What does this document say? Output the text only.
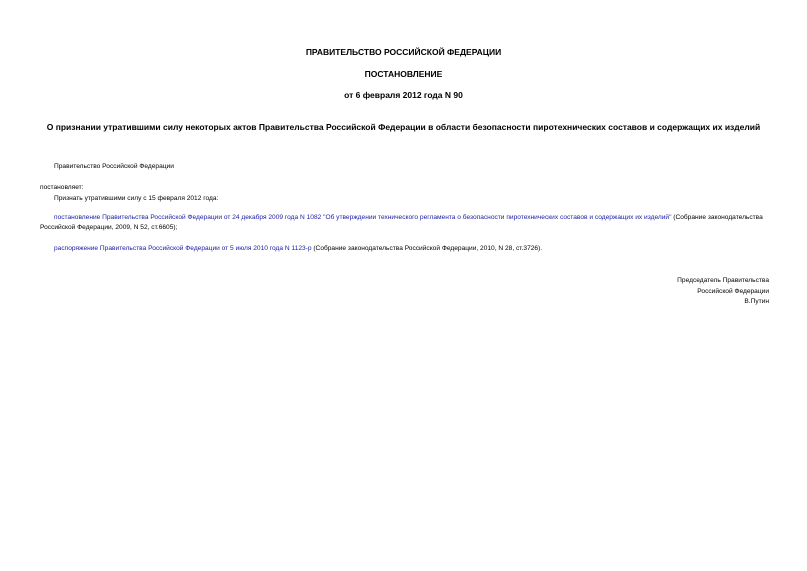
ПРАВИТЕЛЬСТВО РОССИЙСКОЙ ФЕДЕРАЦИИ
ПОСТАНОВЛЕНИЕ
от 6 февраля 2012 года N 90
О признании утратившими силу некоторых актов Правительства Российской Федерации в области безопасности пиротехнических составов и содержащих их изделий
Правительство Российской Федерации
постановляет:
Признать утратившими силу с 15 февраля 2012 года:
постановление Правительства Российской Федерации от 24 декабря 2009 года N 1082 "Об утверждении технического регламента о безопасности пиротехнических составов и содержащих их изделий" (Собрание законодательства Российской Федерации, 2009, N 52, ст.6605);
распоряжение Правительства Российской Федерации от 5 июля 2010 года N 1123-р (Собрание законодательства Российской Федерации, 2010, N 28, ст.3726).
Председатель Правительства
Российской Федерации
В.Путин
